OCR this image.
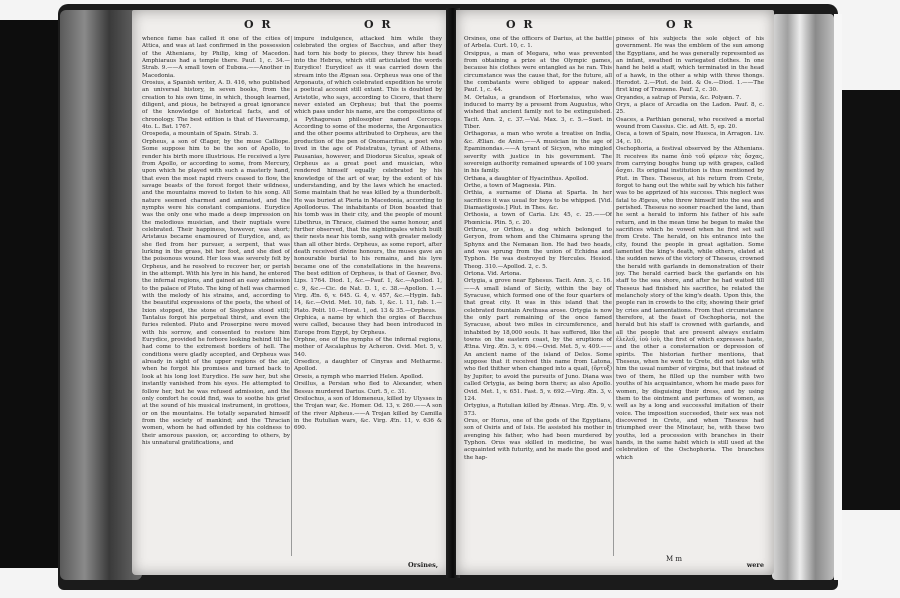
O R	O R

whence fame has called it one of the cities of Attica, and was at last confirmed in the possession of the Athenians, by Philip, king of Macedon. Amphiaraus had a temple there. Pauf. 1, c. 34.—Strab. 9.——A small town of Eubœa.——Another in Macedonia.

Orosius, a Spanish writer, A. D. 416, who published an universal history, in seven books, from the creation to his own time, in which, though learned, diligent, and pious, he betrayed a great ignorance of the knowledge of historical facts, and of chronology. The best edition is that of Havercamp, 4to. L. Bat. 1767.

Orospeda, a mountain of Spain. Strab. 3.

Orpheus, a son of Œager, by the muse Calliope. Some suppose him to be the son of Apollo, to render his birth more illustrious. He received a lyre from Apollo, or according to some, from Mercury, upon which he played with such a masterly hand, that even the most rapid rivers ceased to flow, the savage beasts of the forest forgot their wildness, and the mountains moved to listen to his song. All nature seemed charmed and animated, and the nymphs were his constant companions. Eurydice was the only one who made a deep impression on the melodious musician, and their nuptials were celebrated. Their happiness, however, was short; Aristæus became enamoured of Eurydice, and, as she fled from her pursuer, a serpent, that was lurking in the grass, bit her foot, and she died of the poisonous wound. Her loss was severely felt by Orpheus, and he resolved to recover her, or perish in the attempt. With his lyre in his hand, he entered the infernal regions, and gained an easy admission to the palace of Pluto. The king of hell was charmed with the melody of his strains, and, according to the beautiful expressions of the poets, the wheel of Ixion stopped, the stone of Sisyphus stood still; Tantalus forgot his perpetual thirst, and even the furies relented. Pluto and Proserpine were moved with his sorrow, and consented to restore him Eurydice, provided he forbore looking behind till he had come to the extremest borders of hell. The conditions were gladly accepted, and Orpheus was already in sight of the upper regions of the air, when he forgot his promises and turned back to look at his long lost Eurydice. He saw her, but she instantly vanished from his eyes. He attempted to follow her, but he was refused admission, and the only comfort he could find, was to soothe his grief at the sound of his musical instrument, in grottoes, or on the mountains. He totally separated himself from the society of mankind; and the Thracian women, whom he had offended by his coldness to their amorous passion, or, according to others, by his unnatural gratifications, and

impure indulgence, attacked him while they celebrated the orgies of Bacchus, and after they had torn his body to pieces, they threw his head into the Hebrus, which still articulated the words Eurydice! Eurydice! as it was carried down the stream into the Ægean sea. Orpheus was one of the Argonauts, of which celebrated expedition he wrote a poetical account still extant. This is doubted by Aristotle, who says, according to Cicero, that there never existed an Orpheus; but that the poems which pass under his name, are the compositions of a Pythagorean philosopher named Cercops. According to some of the moderns, the Argonautics and the other poems attributed to Orpheus, are the production of the pen of Onomacritus, a poet who lived in the age of Pisistratus, tyrant of Athens. Pausanias, however, and Diodorus Siculus, speak of Orpheus as a great poet and musician, who rendered himself equally celebrated by his knowledge of the art of war, by the extent of his understanding, and by the laws which he enacted. Some maintain that he was killed by a thunderbolt. He was buried at Pieria in Macedonia, according to Apollodorus. The inhabitants of Dion boasted that his tomb was in their city, and the people of mount Libethrus, in Thrace, claimed the same honour, and further observed, that the nightingales which built their nests near his tomb, sang with greater melody than all other birds. Orpheus, as some report, after death received divine honours, the muses gave an honourable burial to his remains, and his lyre became one of the constellations in the heavens. The best edition of Orpheus, is that of Gesner, 8vo. Lips. 1764. Diod. 1, &c.—Pauf. 1, &c.—Apollod. 1, c. 9, &c.—Cic. de Nat. D. 1, c. 38.—Apollon. 1.—Virg. Æn. 6, v. 645. G. 4, v. 457, &c.—Hygin. fab. 14, &c.—Ovid. Met. 10, fab. 1, &c. l. 11, fab. 1.—Plato. Polit. 10.—Horat. 1, od. 13 & 35.—Orpheus.

Orphica, a name by which the orgies of Bacchus were called, because they had been introduced in Europe from Egypt, by Orpheus.

Orphne, one of the nymphs of the infernal regions, mother of Ascalaphus by Acheron. Ovid. Met. 5, v. 540.

Orsedice, a daughter of Cinyras and Metharme. Apollod.

Orseis, a nymph who married Helen. Apollod.

Orsillus, a Persian who fled to Alexander, when Bessus murdered Darius. Curt. 5, c. 31.

Orsilochus, a son of Idomeneus, killed by Ulysses in the Trojan war, &c. Homer. Od. 13, v. 260.——A son of the river Alpheus.——A Trojan killed by Camilla in the Rutulian wars, &c. Virg. Æn. 11, v. 636 & 690.

Orsines,
O R	O R

Orsines, one of the officers of Darius, at the battle of Arbela. Curt. 10, c. 1.

Orsippus, a man of Megara, who was prevented from obtaining a prize at the Olympic games, because his clothes were entangled as he ran. This circumstance was the cause that, for the future, all the combatants were obliged to appear naked. Pauf. 1, c. 44.

M. Ortalus, a grandson of Hortensius, who was induced to marry by a present from Augustus, who wished that ancient family not to be extinguished. Tacit. Ann. 2, c. 37.—Val. Max. 3, c. 5.—Suet. in Tiber.

Orthagoras, a man who wrote a treatise on India, &c. Ælian. de Anim.——A musician in the age of Epaminondas.——A tyrant of Sicyon, who mingled severity with justice in his government. The sovereign authority remained upwards of 100 years in his family.

Orthæa, a daughter of Hyacinthus. Apollod.

Orthe, a town of Magnesia. Plin.

Orthia, a surname of Diana at Sparta. In her sacrifices it was usual for boys to be whipped. [Vid. Diamastigosis.] Plut. in Thes. &c.

Orthosia, a town of Caria. Liv. 45, c. 25.——Of Phœnicia. Plin. 5, c. 20.

Orthrus, or Orthos, a dog which belonged to Geryon, from whom and the Chimæra sprung the Sphynx and the Nemæan lion. He had two heads, and was sprung from the union of Echidna and Typhon. He was destroyed by Hercules. Hesiod. Theog. 310.—Apollod. 2, c. 5.

Ortona. Vid. Artona.

Ortygia, a grove near Ephesus. Tacit. Ann. 3, c. 16.——A small island of Sicily, within the bay of Syracuse, which formed one of the four quarters of that great city. It was in this island that the celebrated fountain Arethusa arose. Ortygia is now the only part remaining of the once famed Syracuse, about two miles in circumference, and inhabited by 18,000 souls. It has suffered, like the towns on the eastern coast, by the eruptions of Ætna. Virg. Æn. 3, v. 694.—Ovid. Met. 5, v. 409.——An ancient name of the island of Delos. Some suppose that it received this name from Latona, who fled thither when changed into a quail, (ὄρτυξ) by Jupiter, to avoid the pursuits of Juno. Diana was called Ortygia, as being born there; as also Apollo. Ovid. Met. 1, v. 651. Fast. 5, v. 692.—Virg. Æn. 3, v. 124.

Ortygius, a Rutulian killed by Æneas. Virg. Æn. 9, v. 573.

Orus, or Horus, one of the gods of the Egyptians, son of Osiris and of Isis. He assisted his mother in avenging his father, who had been murdered by Typhon. Orus was skilled in medicine, he was acquainted with futurity, and he made the good and the hap-

piness of his subjects the sole object of his government. He was the emblem of the sun among the Egyptians, and he was generally represented as an infant, swathed in variegated clothes. In one hand he held a staff, which terminated in the head of a hawk, in the other a whip with three thongs. Herodot. 2.—Plut. de Isid. & Os.—Diod. 1.——The first king of Trœzene. Pauf. 2, c. 30.

Oryandes, a satrap of Persia, &c. Polyæn. 7.

Oryx, a place of Arcadia on the Ladon. Pauf. 8, c. 25.

Osaces, a Parthian general, who received a mortal wound from Cassius. Cic. ad Att. 5, ep. 20.

Osca, a town of Spain, now Huesca, in Arragon. Liv. 34, c. 10.

Oschophoria, a festival observed by the Athenians. It receives its name ἀπὸ τοῦ φέρειν τὰς ὄσχας, from carrying boughs hung up with grapes, called ὄσχαι. Its original institution is thus mentioned by Plut. in Thes. Theseus, at his return from Crete, forgot to hang out the white sail by which his father was to be apprized of his success. This neglect was fatal to Ægeus, who threw himself into the sea and perished. Theseus no sooner reached the land, than he sent a herald to inform his father of his safe return, and in the mean time he began to make the sacrifices which he vowed when he first set sail from Crete. The herald, on his entrance into the city, found the people in great agitation. Some lamented the king's death, while others, elated at the sudden news of the victory of Theseus, crowned the herald with garlands in demonstration of their joy. The herald carried back the garlands on his staff to the sea shore, and after he had waited till Theseus had finished his sacrifice, he related the melancholy story of the king's death. Upon this, the people ran in crowds to the city, showing their grief by cries and lamentations. From that circumstance therefore, at the feast of Oschophoria, not the herald but his staff is crowned with garlands, and all the people that are present always exclaim ἐλελεῦ, ἰοὺ ἰοὺ, the first of which expresses haste, and the other a consternation or depression of spirits. The historian further mentions, that Theseus, when he went to Crete, did not take with him the usual number of virgins, but that instead of two of them, he filled up the number with two youths of his acquaintance, whom he made pass for women, by disguising their dress, and by using them to the ointment and perfumes of women, as well as by a long and successful imitation of their voice. The imposition succeeded, their sex was not discovered in Crete, and when Theseus had triumphed over the Minotaur, he, with these two youths, led a procession with branches in their hands, in the same habit which is still used at the celebration of the Oschophoria. The branches which

M m
were
